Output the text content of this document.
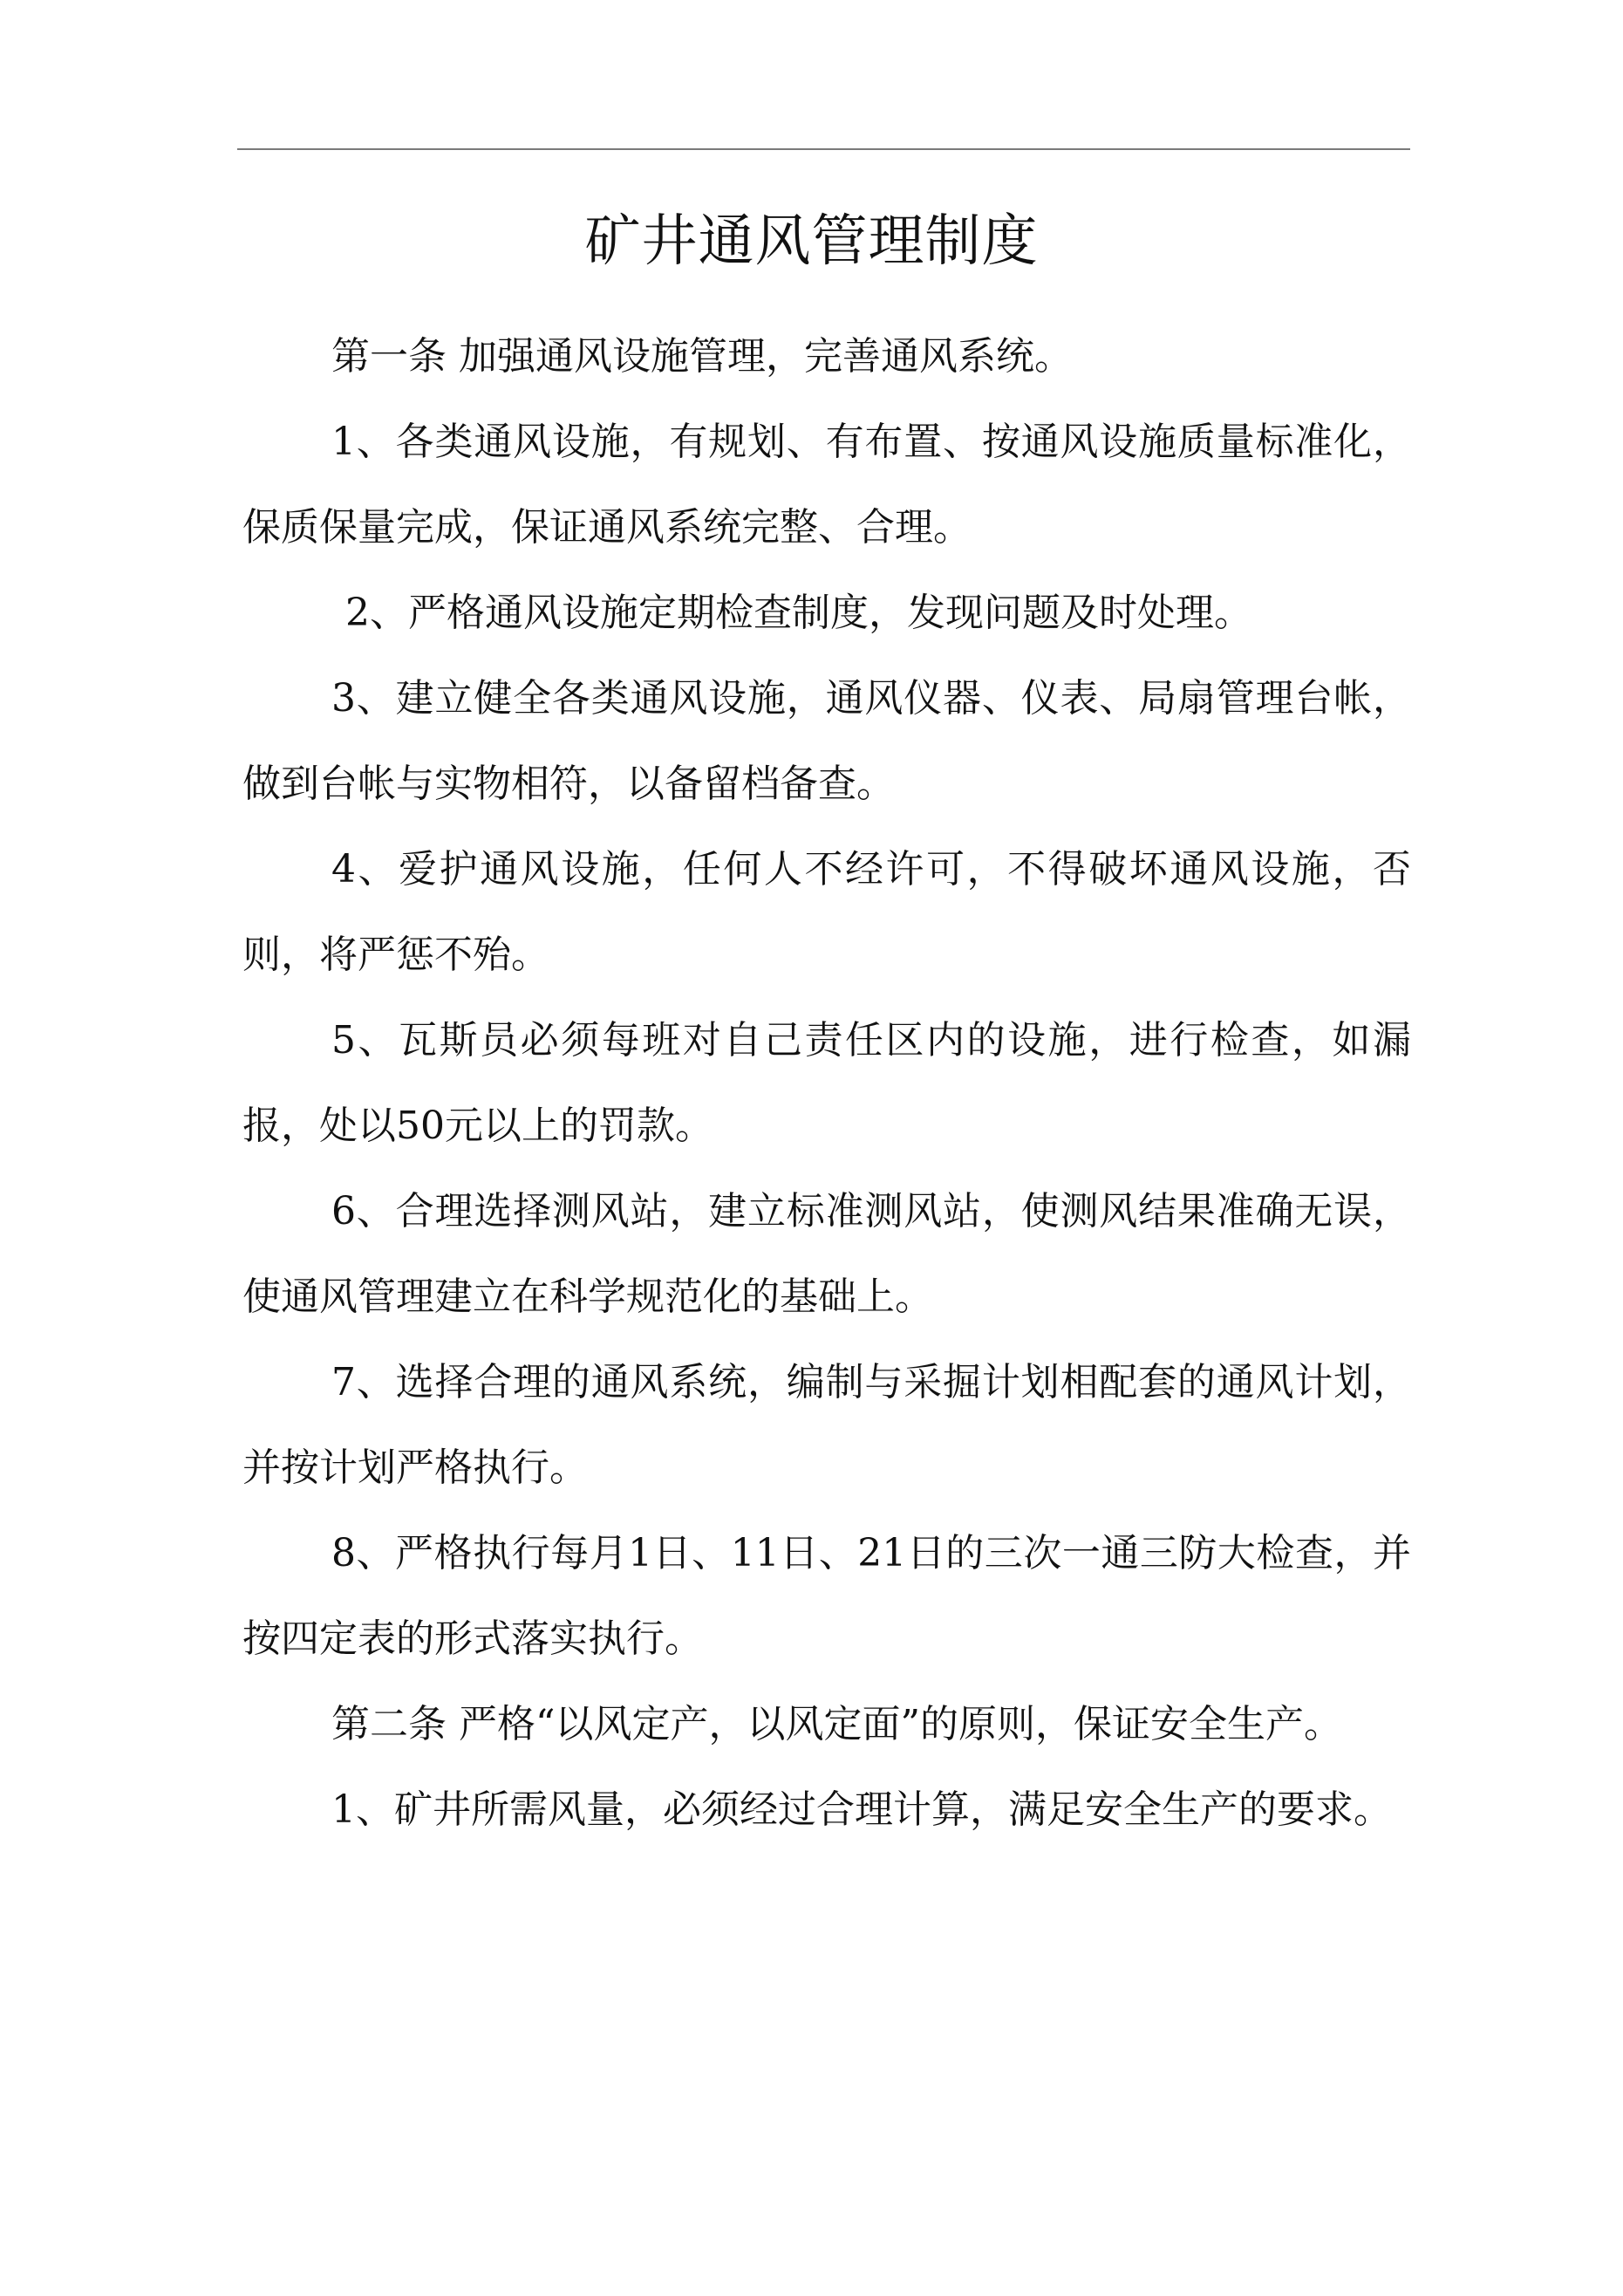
矿井通风管理制度

第一条 加强通风设施管理，完善通风系统。

1、各类通风设施，有规划、有布置、按通风设施质量标准化，保质保量完成，保证通风系统完整、合理。

2、严格通风设施定期检查制度，发现问题及时处理。

3、建立健全各类通风设施，通风仪器、仪表、局扇管理台帐，做到台帐与实物相符，以备留档备查。

4、爱护通风设施，任何人不经许可，不得破坏通风设施，否则，将严惩不殆。

5、瓦斯员必须每班对自己责任区内的设施，进行检查，如漏报，处以50元以上的罚款。

6、合理选择测风站，建立标准测风站，使测风结果准确无误，使通风管理建立在科学规范化的基础上。

7、选择合理的通风系统，编制与采掘计划相配套的通风计划，并按计划严格执行。

8、严格执行每月1日、11日、21日的三次一通三防大检查，并按四定表的形式落实执行。

第二条 严格“以风定产，以风定面”的原则，保证安全生产。

1、矿井所需风量，必须经过合理计算，满足安全生产的要求。
